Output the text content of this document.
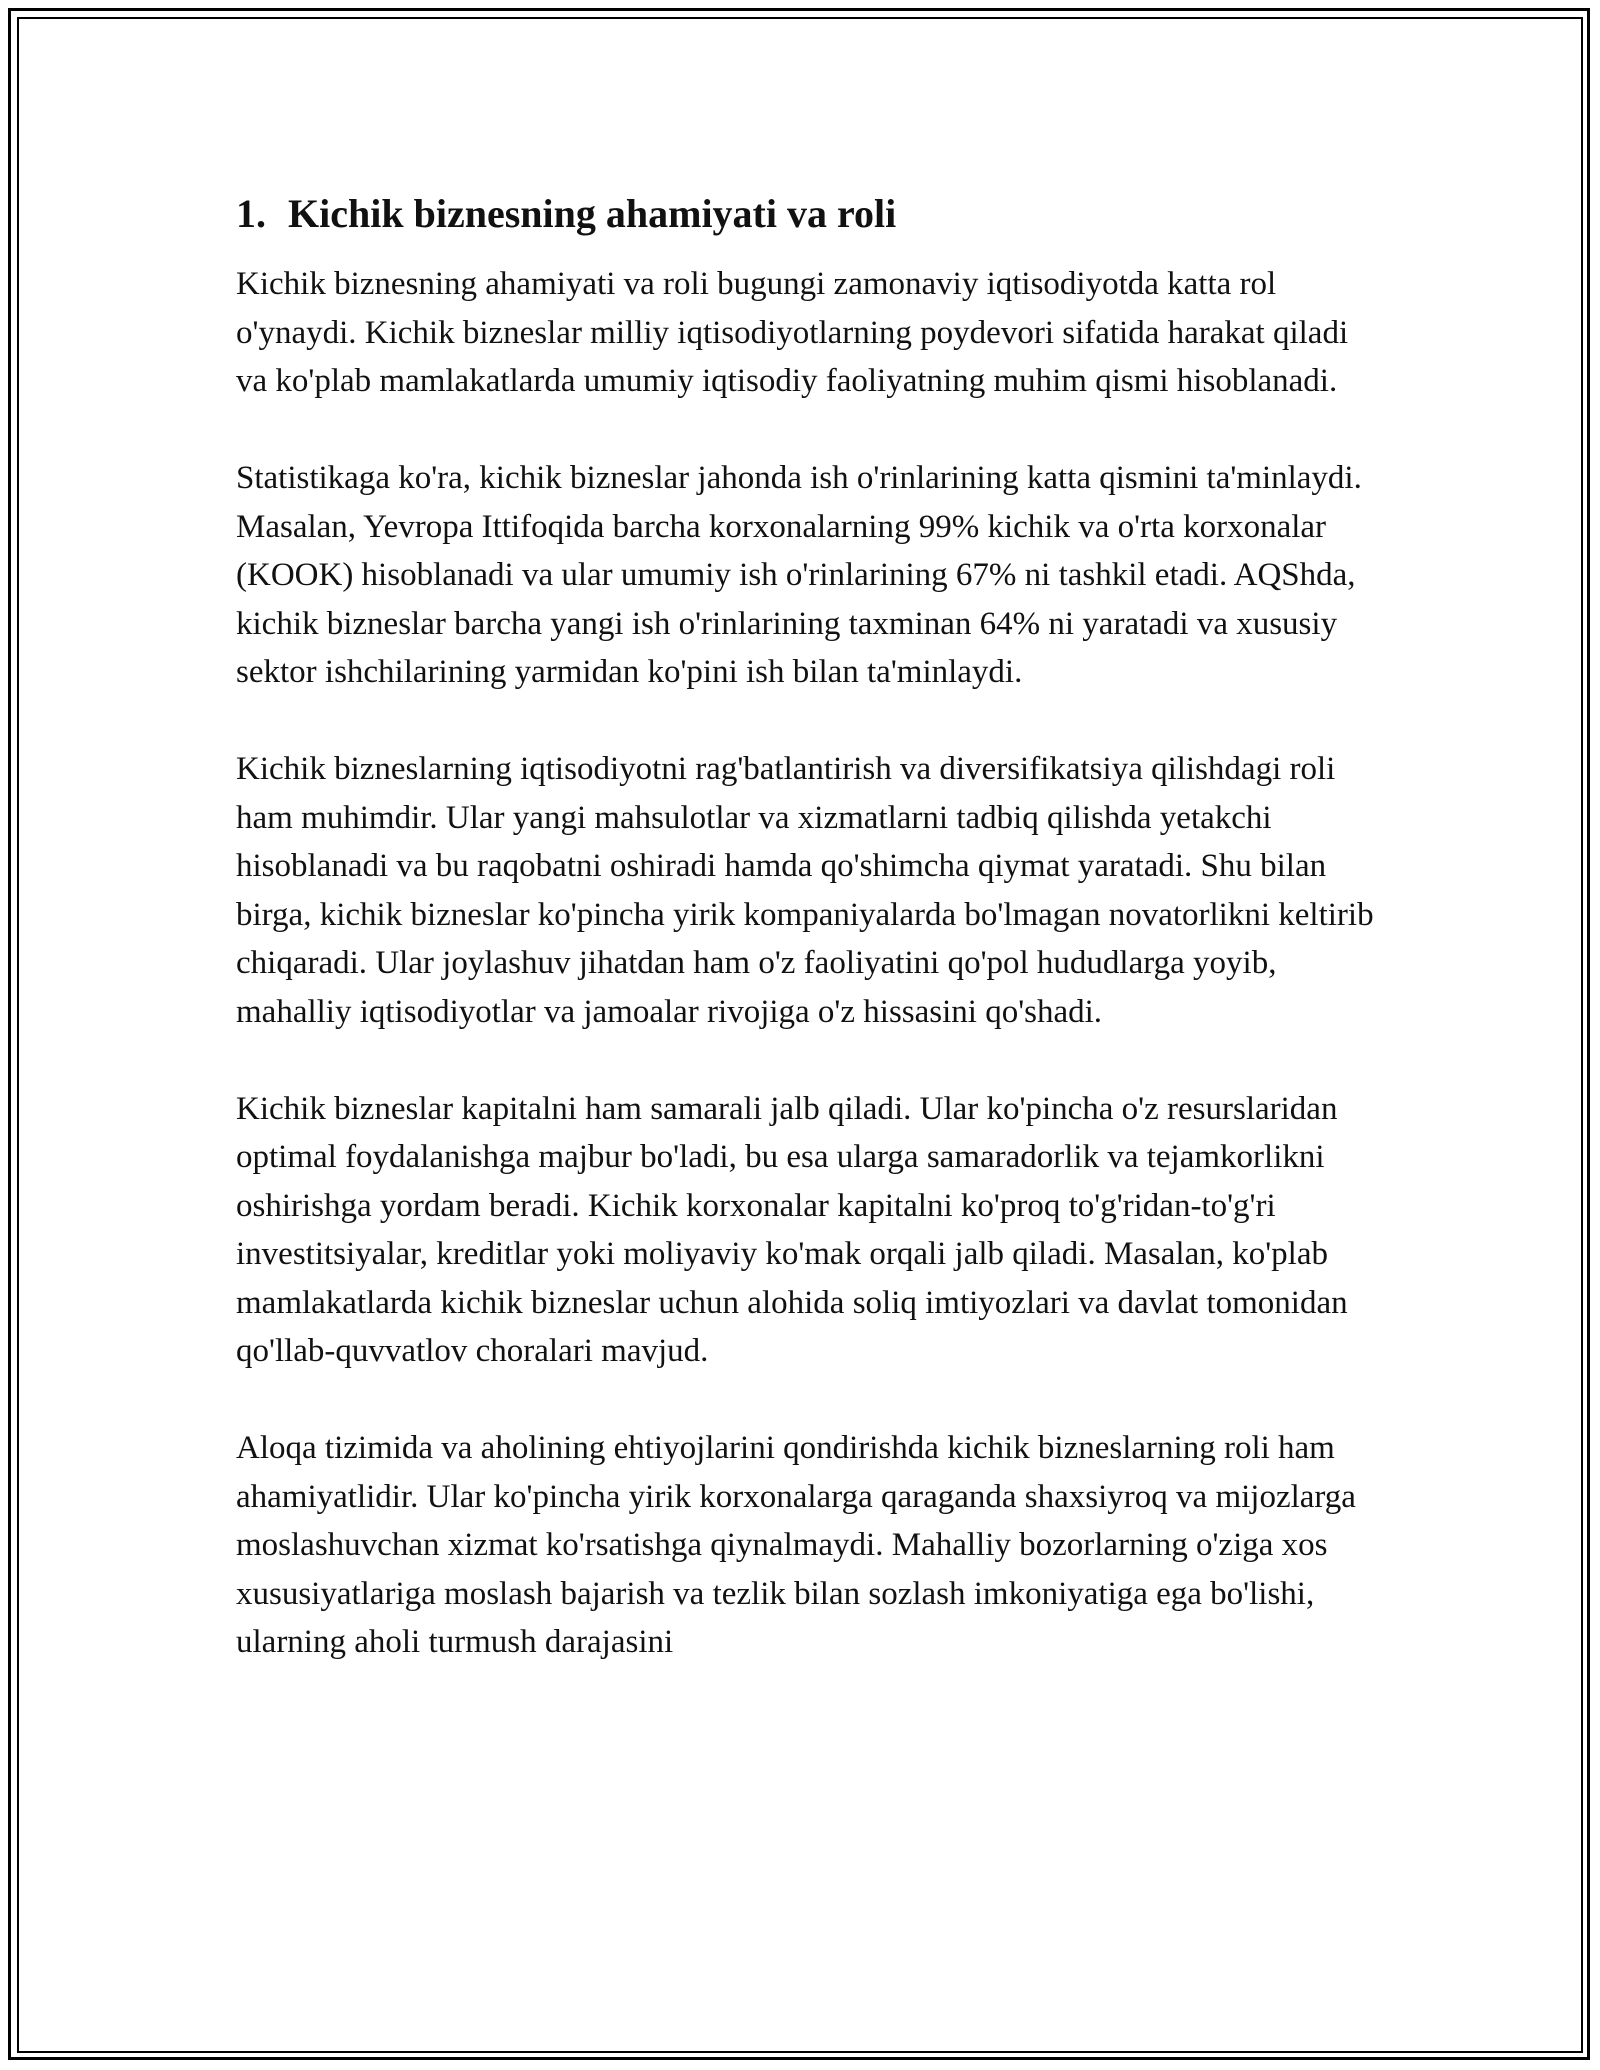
1. Kichik biznesning ahamiyati va roli

Kichik biznesning ahamiyati va roli bugungi zamonaviy iqtisodiyotda katta rol o'ynaydi. Kichik bizneslar milliy iqtisodiyotlarning poydevori sifatida harakat qiladi va ko'plab mamlakatlarda umumiy iqtisodiy faoliyatning muhim qismi hisoblanadi.

Statistikaga ko'ra, kichik bizneslar jahonda ish o'rinlarining katta qismini ta'minlaydi. Masalan, Yevropa Ittifoqida barcha korxonalarning 99% kichik va o'rta korxonalar (KOOK) hisoblanadi va ular umumiy ish o'rinlarining 67% ni tashkil etadi. AQShda, kichik bizneslar barcha yangi ish o'rinlarining taxminan 64% ni yaratadi va xususiy sektor ishchilarining yarmidan ko'pini ish bilan ta'minlaydi.

Kichik bizneslarning iqtisodiyotni rag'batlantirish va diversifikatsiya qilishdagi roli ham muhimdir. Ular yangi mahsulotlar va xizmatlarni tadbiq qilishda yetakchi hisoblanadi va bu raqobatni oshiradi hamda qo'shimcha qiymat yaratadi. Shu bilan birga, kichik bizneslar ko'pincha yirik kompaniyalarda bo'lmagan novatorlikni keltirib chiqaradi. Ular joylashuv jihatdan ham o'z faoliyatini qo'pol hududlarga yoyib, mahalliy iqtisodiyotlar va jamoalar rivojiga o'z hissasini qo'shadi.

Kichik bizneslar kapitalni ham samarali jalb qiladi. Ular ko'pincha o'z resurslaridan optimal foydalanishga majbur bo'ladi, bu esa ularga samaradorlik va tejamkorlikni oshirishga yordam beradi. Kichik korxonalar kapitalni ko'proq to'g'ridan-to'g'ri investitsiyalar, kreditlar yoki moliyaviy ko'mak orqali jalb qiladi. Masalan, ko'plab mamlakatlarda kichik bizneslar uchun alohida soliq imtiyozlari va davlat tomonidan qo'llab-quvvatlov choralari mavjud.

Aloqa tizimida va aholining ehtiyojlarini qondirishda kichik bizneslarning roli ham ahamiyatlidir. Ular ko'pincha yirik korxonalarga qaraganda shaxsiyroq va mijozlarga moslashuvchan xizmat ko'rsatishga qiynalmaydi. Mahalliy bozorlarning o'ziga xos xususiyatlariga moslash bajarish va tezlik bilan sozlash imkoniyatiga ega bo'lishi, ularning aholi turmush darajasini
